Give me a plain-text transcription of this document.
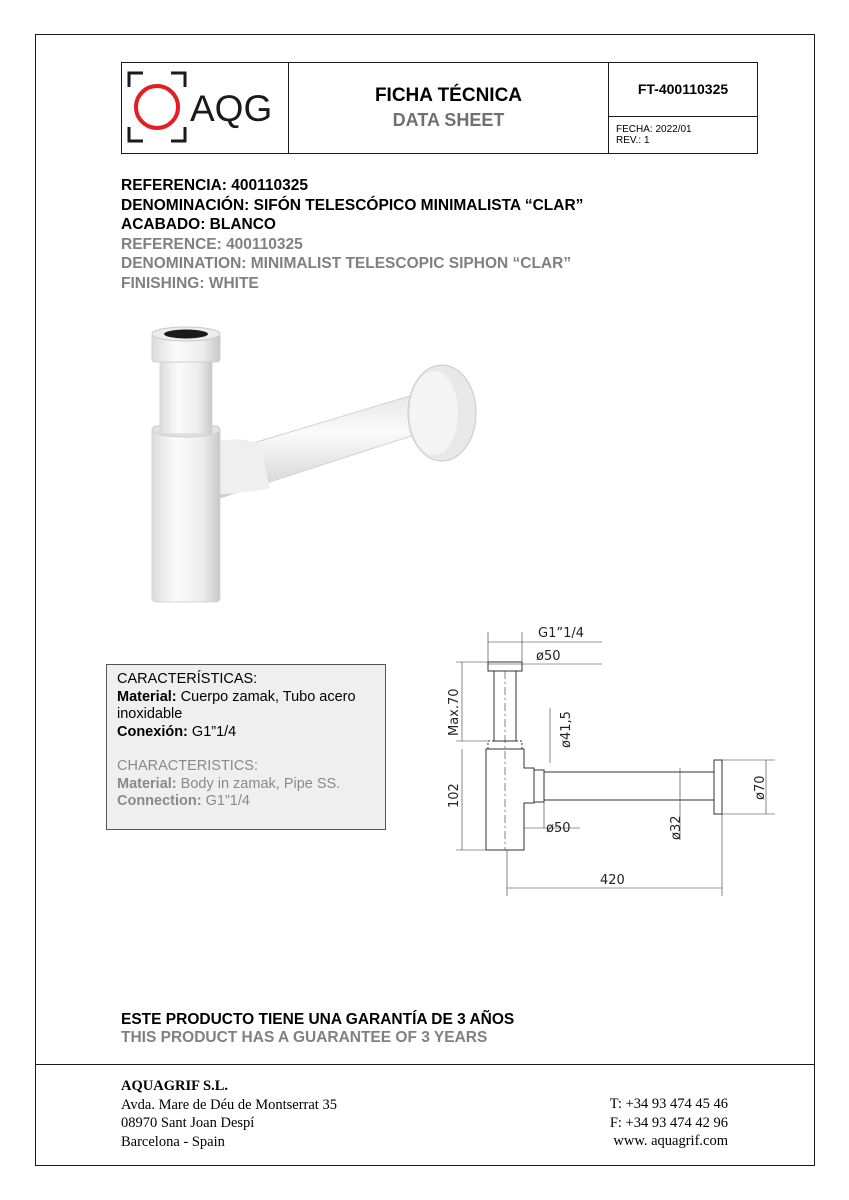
AQG	FICHA TÉCNICA
DATA SHEET
FT-400110325
FECHA: 2022/01
REV.: 1
REFERENCIA: 400110325
DENOMINACIÓN: SIFÓN TELESCÓPICO MINIMALISTA “CLAR”
ACABADO: BLANCO
REFERENCE: 400110325
DENOMINATION: MINIMALIST TELESCOPIC SIPHON “CLAR”
FINISHING: WHITE
G1”1/4
ø50
Max.70	ø41,5
102
ø50	ø32
ø70
420
CARACTERÍSTICAS:
Material: Cuerpo zamak, Tubo acero inoxidable
Conexión: G1”1/4
CHARACTERISTICS:
Material: Body in zamak, Pipe SS.
Connection: G1”1/4
ESTE PRODUCTO TIENE UNA GARANTÍA DE 3 AÑOS
THIS PRODUCT HAS A GUARANTEE OF 3 YEARS
AQUAGRIF S.L.
Avda. Mare de Déu de Montserrat 35
08970 Sant Joan Despí
Barcelona - Spain
T: +34 93 474 45 46
F: +34 93 474 42 96
www. aquagrif.com
